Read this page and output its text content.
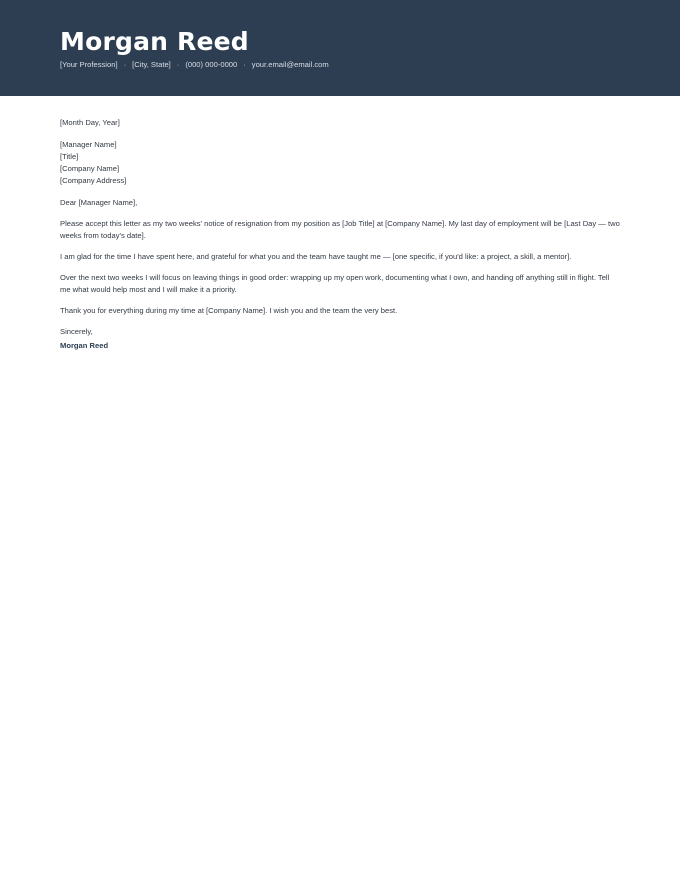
Morgan Reed
[Your Profession] · [City, State] · (000) 000-0000 · your.email@email.com
[Month Day, Year]
[Manager Name]
[Title]
[Company Name]
[Company Address]

Dear [Manager Name],

Please accept this letter as my two weeks' notice of resignation from my position as [Job Title] at [Company Name]. My last day of employment will be [Last Day — two weeks from today's date].

I am glad for the time I have spent here, and grateful for what you and the team have taught me — [one specific, if you'd like: a project, a skill, a mentor].

Over the next two weeks I will focus on leaving things in good order: wrapping up my open work, documenting what I own, and handing off anything still in flight. Tell me what would help most and I will make it a priority.

Thank you for everything during my time at [Company Name]. I wish you and the team the very best.

Sincerely,
Morgan Reed
